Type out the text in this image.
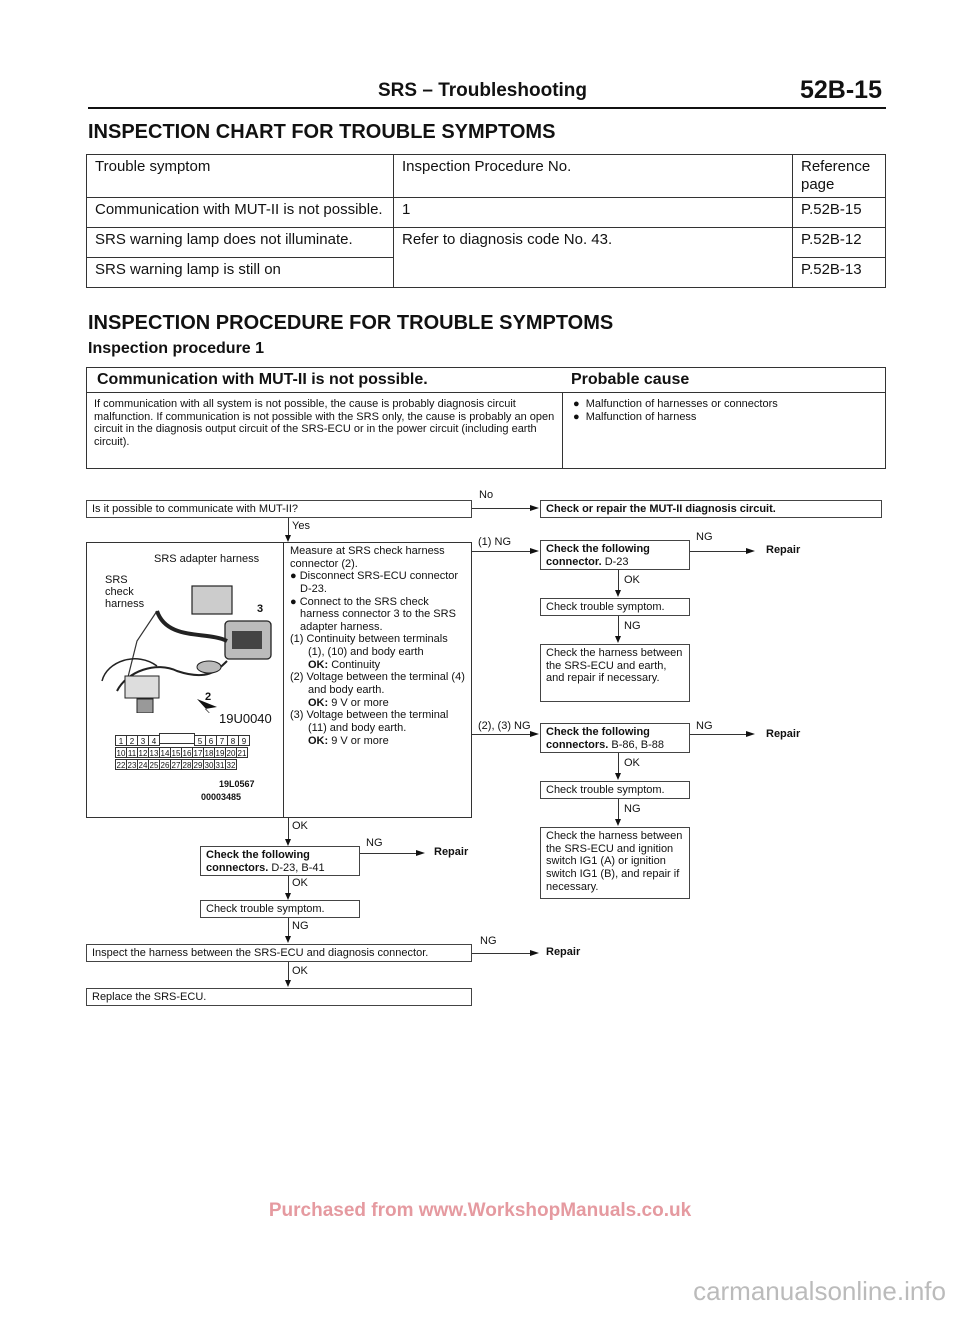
SRS – Troubleshooting	52B-15
INSPECTION CHART FOR TROUBLE SYMPTOMS
Trouble symptom	Inspection Procedure No.	Reference page
Communication with MUT-II is not possible.	1	P.52B-15
SRS warning lamp does not illuminate.	Refer to diagnosis code No. 43.	P.52B-12
SRS warning lamp is still on		P.52B-13
INSPECTION PROCEDURE FOR TROUBLE SYMPTOMS
Inspection procedure 1
Communication with MUT-II is not possible.	Probable cause
If communication with all system is not possible, the cause is probably diagnosis circuit malfunction. If communication is not possible with the SRS only, the cause is probably an open circuit in the diagnosis output circuit of the SRS-ECU or in the power circuit (including earth circuit).
●  Malfunction of harnesses or connectors
●  Malfunction of harness
Is it possible to communicate with MUT-II?
No
Check or repair the MUT-II diagnosis circuit.
Yes
SRS adapter harness
SRS check harness	3
2
19U0040
1 2 3 4	5 6 7 8 9
10 11 12 13 14 15 16 17 18 19 20 21
22 23 24 25 26 27 28 29 30 31 32
19L0567
00003485
Measure at SRS check harness connector (2).
● Disconnect SRS-ECU connector D-23.
● Connect to the SRS check harness connector 3 to the SRS adapter harness.
(1) Continuity between terminals (1), (10) and body earth
OK: Continuity
(2) Voltage between the terminal (4) and body earth.
OK: 9 V or more
(3) Voltage between the terminal (11) and body earth.
OK: 9 V or more
(1) NG
Check the following connector. D-23
NG
Repair
OK
Check trouble symptom.
NG
Check the harness between the SRS-ECU and earth, and repair if necessary.
(2), (3) NG	Check the following connectors. B-86, B-88
NG
Repair
OK
Check trouble symptom.
NG
Check the harness between the SRS-ECU and ignition switch IG1 (A) or ignition switch IG1 (B), and repair if necessary.
OK
Check the following connectors. D-23, B-41
NG
Repair
OK
Check trouble symptom.
NG
Inspect the harness between the SRS-ECU and diagnosis connector.
NG
Repair
OK
Replace the SRS-ECU.
Purchased from www.WorkshopManuals.co.uk
carmanualsonline.info
